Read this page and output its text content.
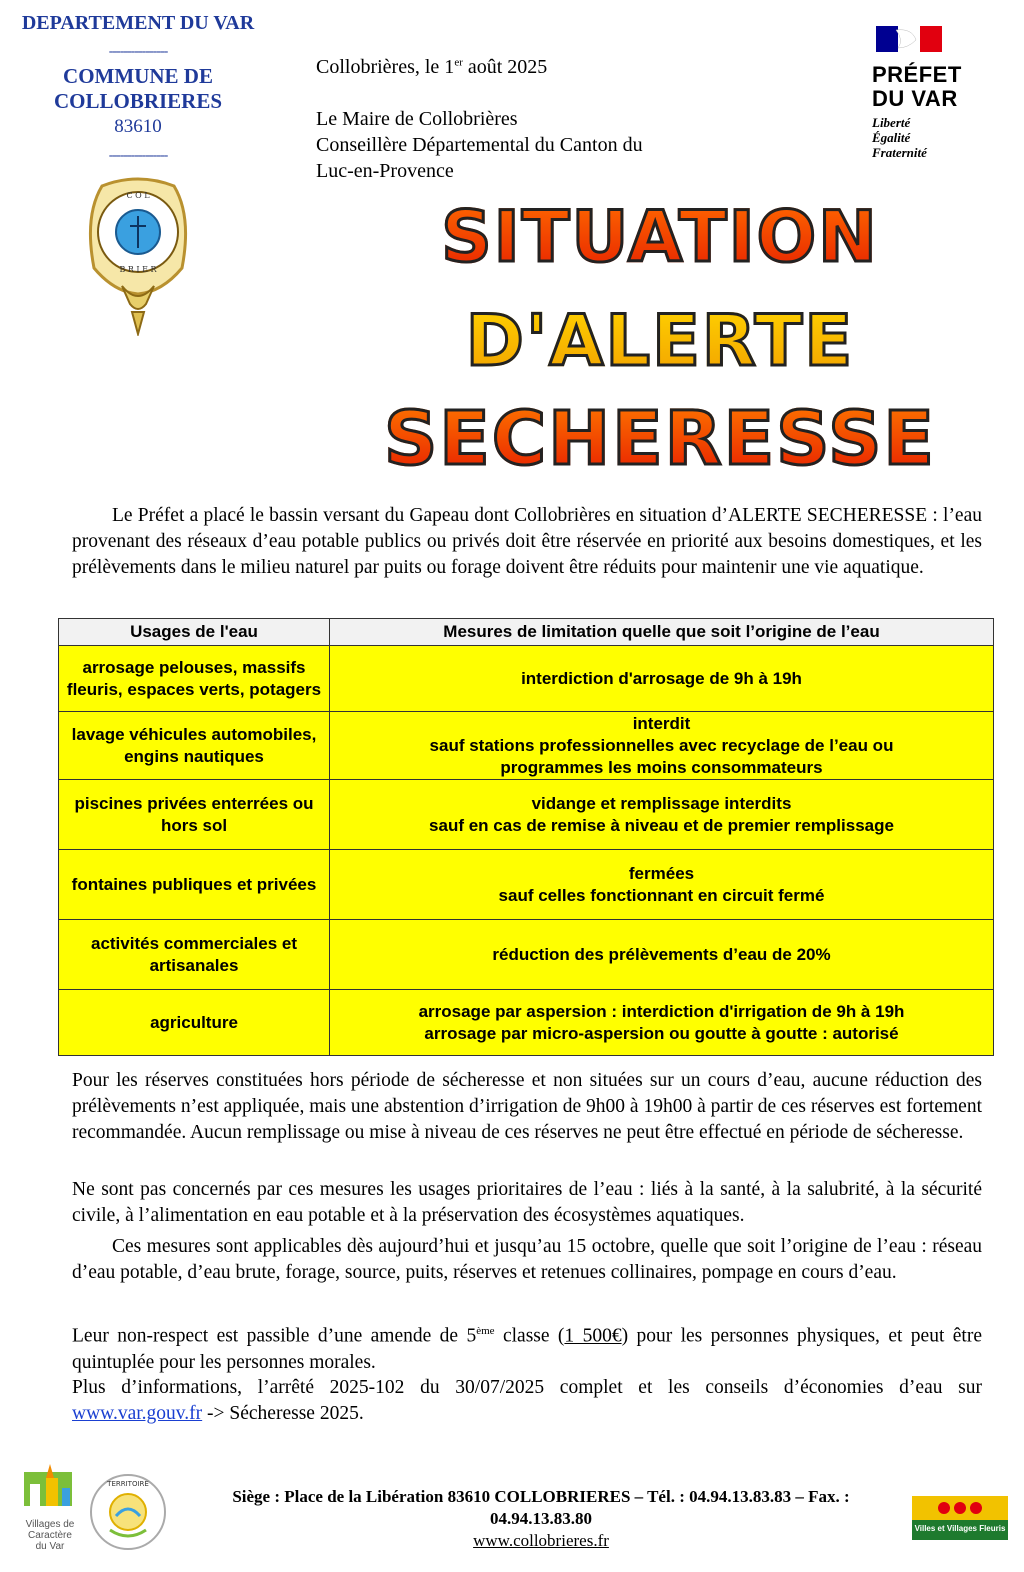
DEPARTEMENT DU VAR
----------------
COMMUNE DE
COLLOBRIERES
83610
----------------
C O L
B R I E R
Collobrières, le 1er août 2025
Le Maire de Collobrières
Conseillère Départemental du Canton du
Luc-en-Provence
PRÉFET
DU VAR
Liberté
Égalité
Fraternité
SITUATION
D'ALERTE
SECHERESSE
Le Préfet a placé le bassin versant du Gapeau dont Collobrières en situation d’ALERTE SECHERESSE : l’eau provenant des réseaux d’eau potable publics ou privés doit être réservée en priorité aux besoins domestiques, et les prélèvements dans le milieu naturel par puits ou forage doivent être réduits pour maintenir une vie aquatique.
Usages de l'eau	Mesures de limitation quelle que soit l’origine de l’eau
arrosage pelouses, massifs fleuris, espaces verts, potagers	interdiction d'arrosage de 9h à 19h

lavage véhicules automobiles, engins nautiques	interdit
sauf stations professionnelles avec recyclage de l’eau ou
programmes les moins consommateurs

piscines privées enterrées ou hors sol	vidange et remplissage interdits
sauf en cas de remise à niveau et de premier remplissage

fontaines publiques et privées	fermées
sauf celles fonctionnant en circuit fermé

activités commerciales et artisanales	réduction des prélèvements d’eau de 20%

agriculture	arrosage par aspersion : interdiction d'irrigation de 9h à 19h
arrosage par micro-aspersion ou goutte à goutte : autorisé
Pour les réserves constituées hors période de sécheresse et non situées sur un cours d’eau, aucune réduction des prélèvements n’est appliquée, mais une abstention d’irrigation de 9h00 à 19h00 à partir de ces réserves est fortement recommandée. Aucun remplissage ou mise à niveau de ces réserves ne peut être effectué en période de sécheresse.
Ne sont pas concernés par ces mesures les usages prioritaires de l’eau : liés à la santé, à la salubrité, à la sécurité civile, à l’alimentation en eau potable et à la préservation des écosystèmes aquatiques.
Ces mesures sont applicables dès aujourd’hui et jusqu’au 15 octobre, quelle que soit l’origine de l’eau : réseau d’eau potable, d’eau brute, forage, source, puits, réserves et retenues collinaires, pompage en cours d’eau.
Leur non-respect est passible d’une amende de 5ème classe (1 500€) pour les personnes physiques, et peut être quintuplée pour les personnes morales.
Plus d’informations, l’arrêté 2025-102 du 30/07/2025 complet et les conseils d’économies d’eau sur www.var.gouv.fr -> Sécheresse 2025.
Villages de
Caractère
du Var
TERRITOIRE
Siège : Place de la Libération 83610 COLLOBRIERES – Tél. : 04.94.13.83.83 – Fax. :
04.94.13.83.80
www.collobrieres.fr
Villes et Villages Fleuris
